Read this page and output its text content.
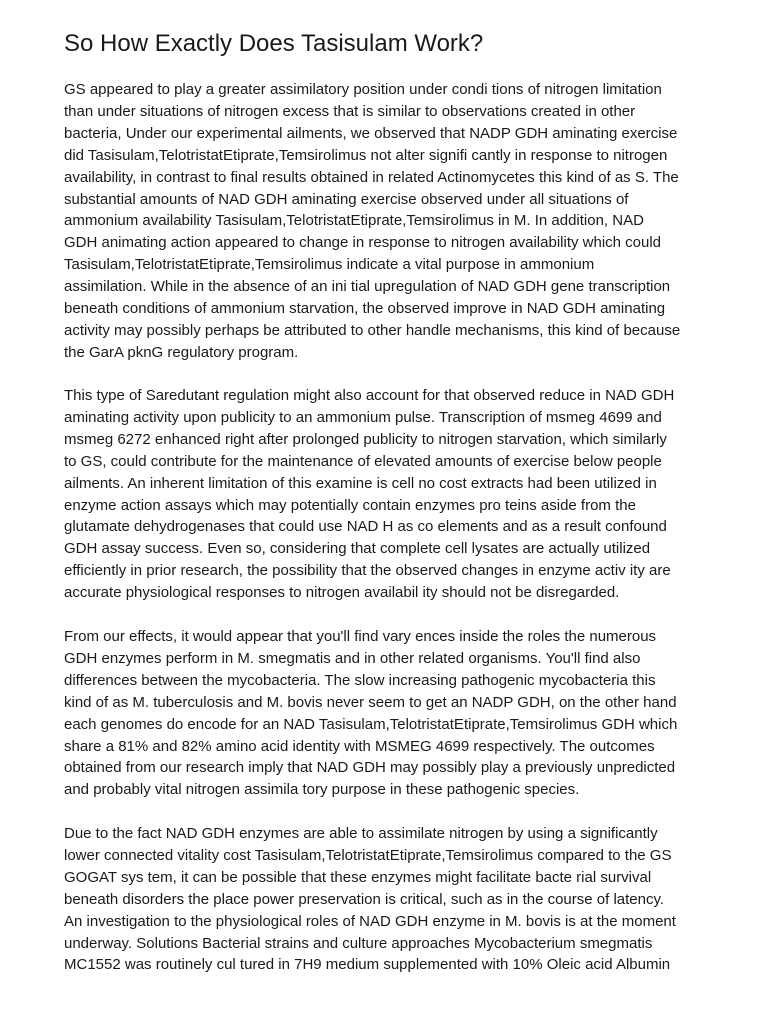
So How Exactly Does Tasisulam Work?

GS appeared to play a greater assimilatory position under condi tions of nitrogen limitation
than under situations of nitrogen excess that is similar to observations created in other
bacteria, Under our experimental ailments, we observed that NADP GDH aminating exercise
did Tasisulam,TelotristatEtiprate,Temsirolimus not alter signifi cantly in response to nitrogen
availability, in contrast to final results obtained in related Actinomycetes this kind of as S. The
substantial amounts of NAD GDH aminating exercise observed under all situations of
ammonium availability Tasisulam,TelotristatEtiprate,Temsirolimus in M. In addition, NAD
GDH animating action appeared to change in response to nitrogen availability which could
Tasisulam,TelotristatEtiprate,Temsirolimus indicate a vital purpose in ammonium
assimilation. While in the absence of an ini tial upregulation of NAD GDH gene transcription
beneath conditions of ammonium starvation, the observed improve in NAD GDH aminating
activity may possibly perhaps be attributed to other handle mechanisms, this kind of because
the GarA pknG regulatory program.

This type of Saredutant regulation might also account for that observed reduce in NAD GDH
aminating activity upon publicity to an ammonium pulse. Transcription of msmeg 4699 and
msmeg 6272 enhanced right after prolonged publicity to nitrogen starvation, which similarly
to GS, could contribute for the maintenance of elevated amounts of exercise below people
ailments. An inherent limitation of this examine is cell no cost extracts had been utilized in
enzyme action assays which may potentially contain enzymes pro teins aside from the
glutamate dehydrogenases that could use NAD H as co elements and as a result confound
GDH assay success. Even so, considering that complete cell lysates are actually utilized
efficiently in prior research, the possibility that the observed changes in enzyme activ ity are
accurate physiological responses to nitrogen availabil ity should not be disregarded.

From our effects, it would appear that you'll find vary ences inside the roles the numerous
GDH enzymes perform in M. smegmatis and in other related organisms. You'll find also
differences between the mycobacteria. The slow increasing pathogenic mycobacteria this
kind of as M. tuberculosis and M. bovis never seem to get an NADP GDH, on the other hand
each genomes do encode for an NAD Tasisulam,TelotristatEtiprate,Temsirolimus GDH which
share a 81% and 82% amino acid identity with MSMEG 4699 respectively. The outcomes
obtained from our research imply that NAD GDH may possibly play a previously unpredicted
and probably vital nitrogen assimila tory purpose in these pathogenic species.

Due to the fact NAD GDH enzymes are able to assimilate nitrogen by using a significantly
lower connected vitality cost Tasisulam,TelotristatEtiprate,Temsirolimus compared to the GS
GOGAT sys tem, it can be possible that these enzymes might facilitate bacte rial survival
beneath disorders the place power preservation is critical, such as in the course of latency.
An investigation to the physiological roles of NAD GDH enzyme in M. bovis is at the moment
underway. Solutions Bacterial strains and culture approaches Mycobacterium smegmatis
MC1552 was routinely cul tured in 7H9 medium supplemented with 10% Oleic acid Albumin
